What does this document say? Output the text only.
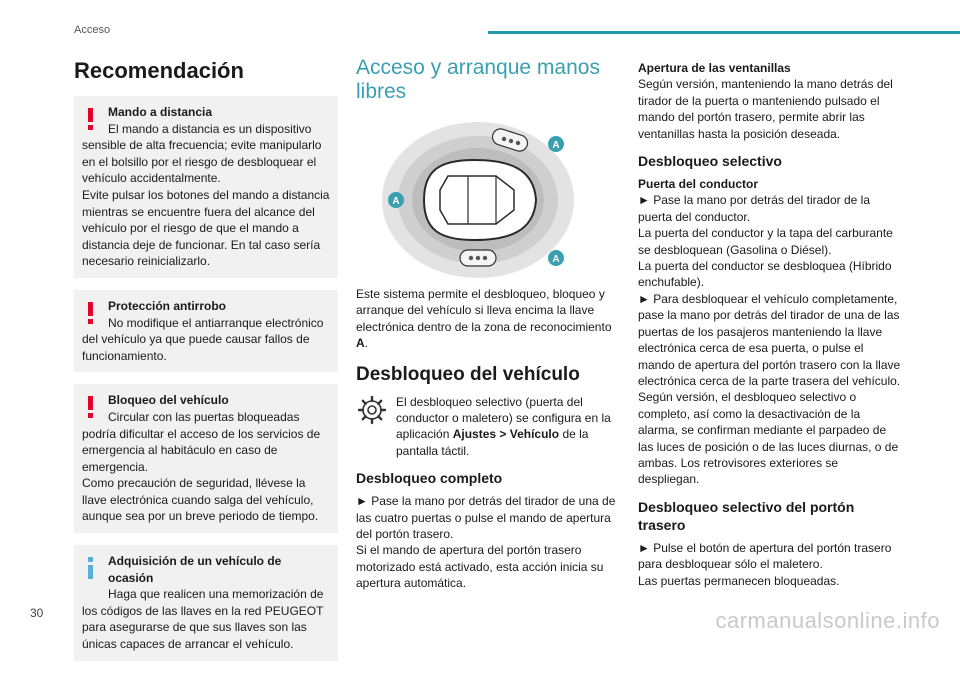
Acceso
Recomendación

Mando a distancia

El mando a distancia es un dispositivo

sensible de alta frecuencia; evite manipularlo en el bolsillo por el riesgo de desbloquear el vehículo accidentalmente.

Evite pulsar los botones del mando a distancia mientras se encuentre fuera del alcance del vehículo por el riesgo de que el mando a distancia deje de funcionar. En tal caso sería necesario reinicializarlo.

Protección antirrobo

No modifique el antiarranque electrónico

del vehículo ya que puede causar fallos de funcionamiento.

Bloqueo del vehículo

Circular con las puertas bloqueadas

podría dificultar el acceso de los servicios de emergencia al habitáculo en caso de emergencia.

Como precaución de seguridad, llévese la llave electrónica cuando salga del vehículo, aunque sea por un breve periodo de tiempo.

Adquisición de un vehículo de ocasión

Haga que realicen una memorización de

los códigos de las llaves en la red PEUGEOT para asegurarse de que sus llaves son las únicas capaces de arrancar el vehículo.

Acceso y arranque manos libres
A
A
A

Este sistema permite el desbloqueo, bloqueo y arranque del vehículo si lleva encima la llave electrónica dentro de la zona de reconocimiento A.

Desbloqueo del vehículo

El desbloqueo selectivo (puerta del conductor o maletero) se configura en la aplicación Ajustes > Vehículo de la pantalla táctil.

Desbloqueo completo

► Pase la mano por detrás del tirador de una de las cuatro puertas o pulse el mando de apertura del portón trasero.

Si el mando de apertura del portón trasero motorizado está activado, esta acción inicia su apertura automática.

Apertura de las ventanillas

Según versión, manteniendo la mano detrás del tirador de la puerta o manteniendo pulsado el mando del portón trasero, permite abrir las ventanillas hasta la posición deseada.

Desbloqueo selectivo

Puerta del conductor

► Pase la mano por detrás del tirador de la puerta del conductor.

La puerta del conductor y la tapa del carburante se desbloquean (Gasolina o Diésel).

La puerta del conductor se desbloquea (Híbrido enchufable).

► Para desbloquear el vehículo completamente, pase la mano por detrás del tirador de una de las puertas de los pasajeros manteniendo la llave electrónica cerca de esa puerta, o pulse el mando de apertura del portón trasero con la llave electrónica cerca de la parte trasera del vehículo.

Según versión, el desbloqueo selectivo o completo, así como la desactivación de la alarma, se confirman mediante el parpadeo de las luces de posición o de las luces diurnas, o de ambas. Los retrovisores exteriores se despliegan.

Desbloqueo selectivo del portón trasero

► Pulse el botón de apertura del portón trasero para desbloquear sólo el maletero.

Las puertas permanecen bloqueadas.

30	carmanualsonline.info
